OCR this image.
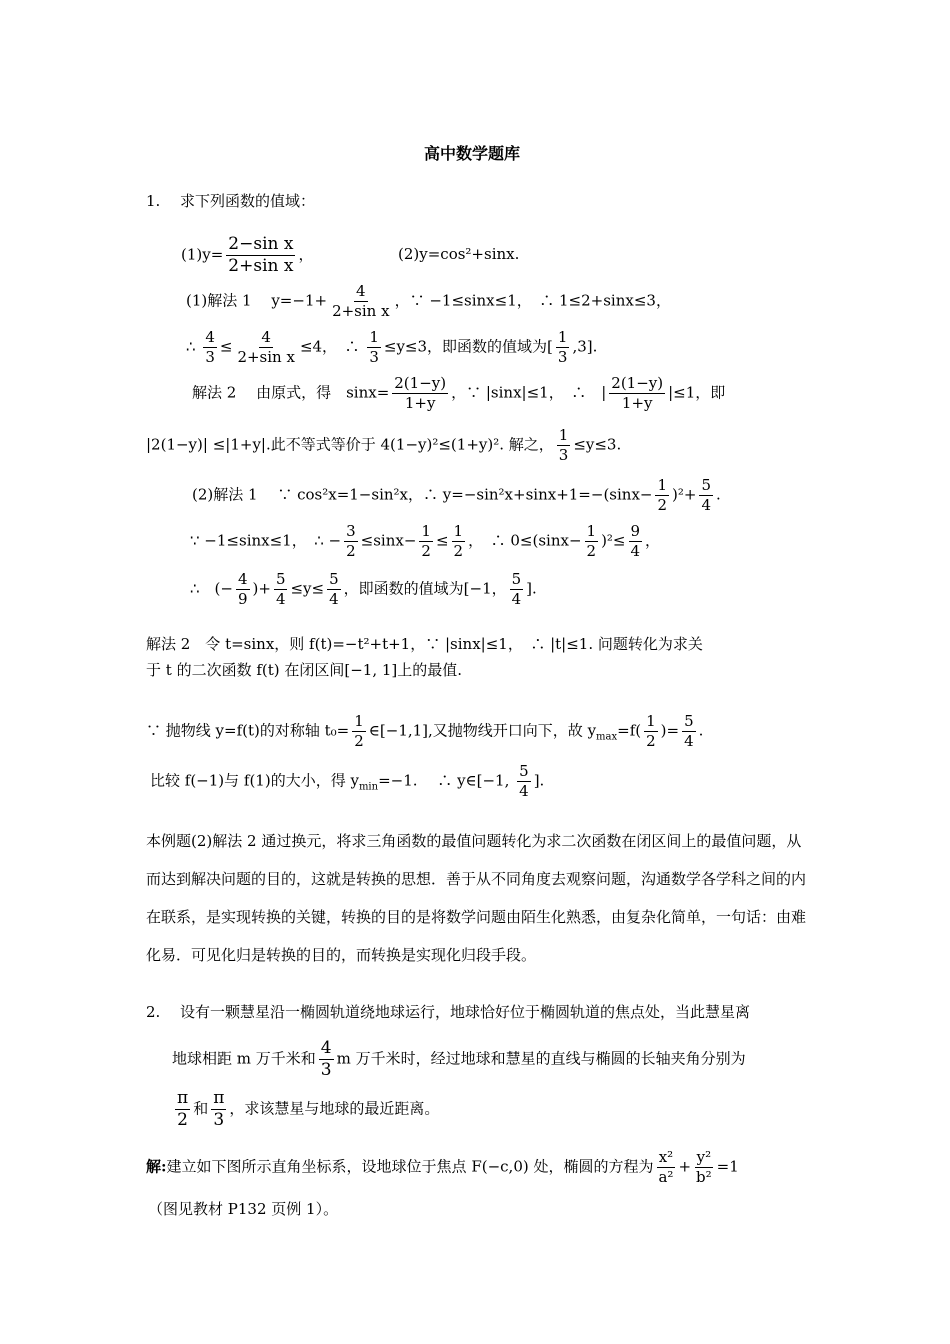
高中数学题库
1. 求下列函数的值域：
$(1)y= \frac{\text{2−sin x}}{\text{2+sin x}}$ ，	(2)y=cos²+sinx.
(1)解法 1　 $y=-1+ \frac{4}{\text{2+sin x}}$ ，∵ −1≤sinx≤1，　∴ 1≤2+sinx≤3，
∴ $\frac{4}{3} \le \frac{4}{\text{2+sin x}} \le 4$，　∴ $\frac{1}{3} \le y\le 3$，即函数的值域为[ $\frac{1}{3} ,3$].
解法 2　 由原式，得　$\sin x= \frac{2(1-y)}{1+y}$ ，∵ |sinx|≤1，　∴　| $\frac{2(1-y)}{1+y} |\le 1$，即
|2(1−y)| ≤|1+y|.此不等式等价于 4(1−y)²≤(1+y)². 解之， $\frac{1}{3} \le y\le 3$.
(2)解法 1　 ∵ cos²x=1−sin²x，∴ $y=-\sin^2x+\sin x+1=-(\sin x- \frac{1}{2} )^2+ \frac{5}{4}$ .
∵ −1≤sinx≤1，　∴ − $\frac{3}{2} \le\sin x- \frac{1}{2} \le \frac{1}{2}$ ，　∴ $0\le(\sin x- \frac{1}{2} )^2\le \frac{9}{4}$ ，
∴　(− $\frac{4}{9}$ )+ $\frac{5}{4} \le y\le \frac{5}{4}$ ，即函数的值域为[−1， $\frac{5}{4}$ ].
解法 2　令 t=sinx，则 f(t)=−t²+t+1，∵ |sinx|≤1，　∴ |t|≤1. 问题转化为求关
于 t 的二次函数 f(t) 在闭区间[−1, 1]上的最值.
∵ 抛物线 y=f(t)的对称轴 $t_0= \frac{1}{2}$ ∈[−1,1],又抛物线开口向下，故 $y_{max}=f( \frac{1}{2}$ )= $\frac{5}{4}$ .
比较 f(−1)与 f(1)的大小，得 $y_{min}=-1$.　 ∴ y∈[−1, $\frac{5}{4}$ ].
本例题(2)解法 2 通过换元，将求三角函数的最值问题转化为求二次函数在闭区间上的最值问题，从而达到解决问题的目的，这就是转换的思想．善于从不同角度去观察问题，沟通数学各学科之间的内在联系，是实现转换的关键，转换的目的是将数学问题由陌生化熟悉，由复杂化简单，一句话：由难化易．可见化归是转换的目的，而转换是实现化归段手段。
2. 设有一颗慧星沿一椭圆轨道绕地球运行，地球恰好位于椭圆轨道的焦点处，当此慧星离
地球相距 m 万千米和 $\frac{4}{3}$ m 万千米时，经过地球和慧星的直线与椭圆的长轴夹角分别为
$\frac{\pi}{2}$ 和 $\frac{\pi}{3}$ ，求该慧星与地球的最近距离。
解:建立如下图所示直角坐标系，设地球位于焦点 F(−c,0) 处，椭圆的方程为 $\frac{\text{x²}}{\text{a²}} + \frac{\text{y²}}{\text{b²}} =1$
（图见教材 P132 页例 1）。
